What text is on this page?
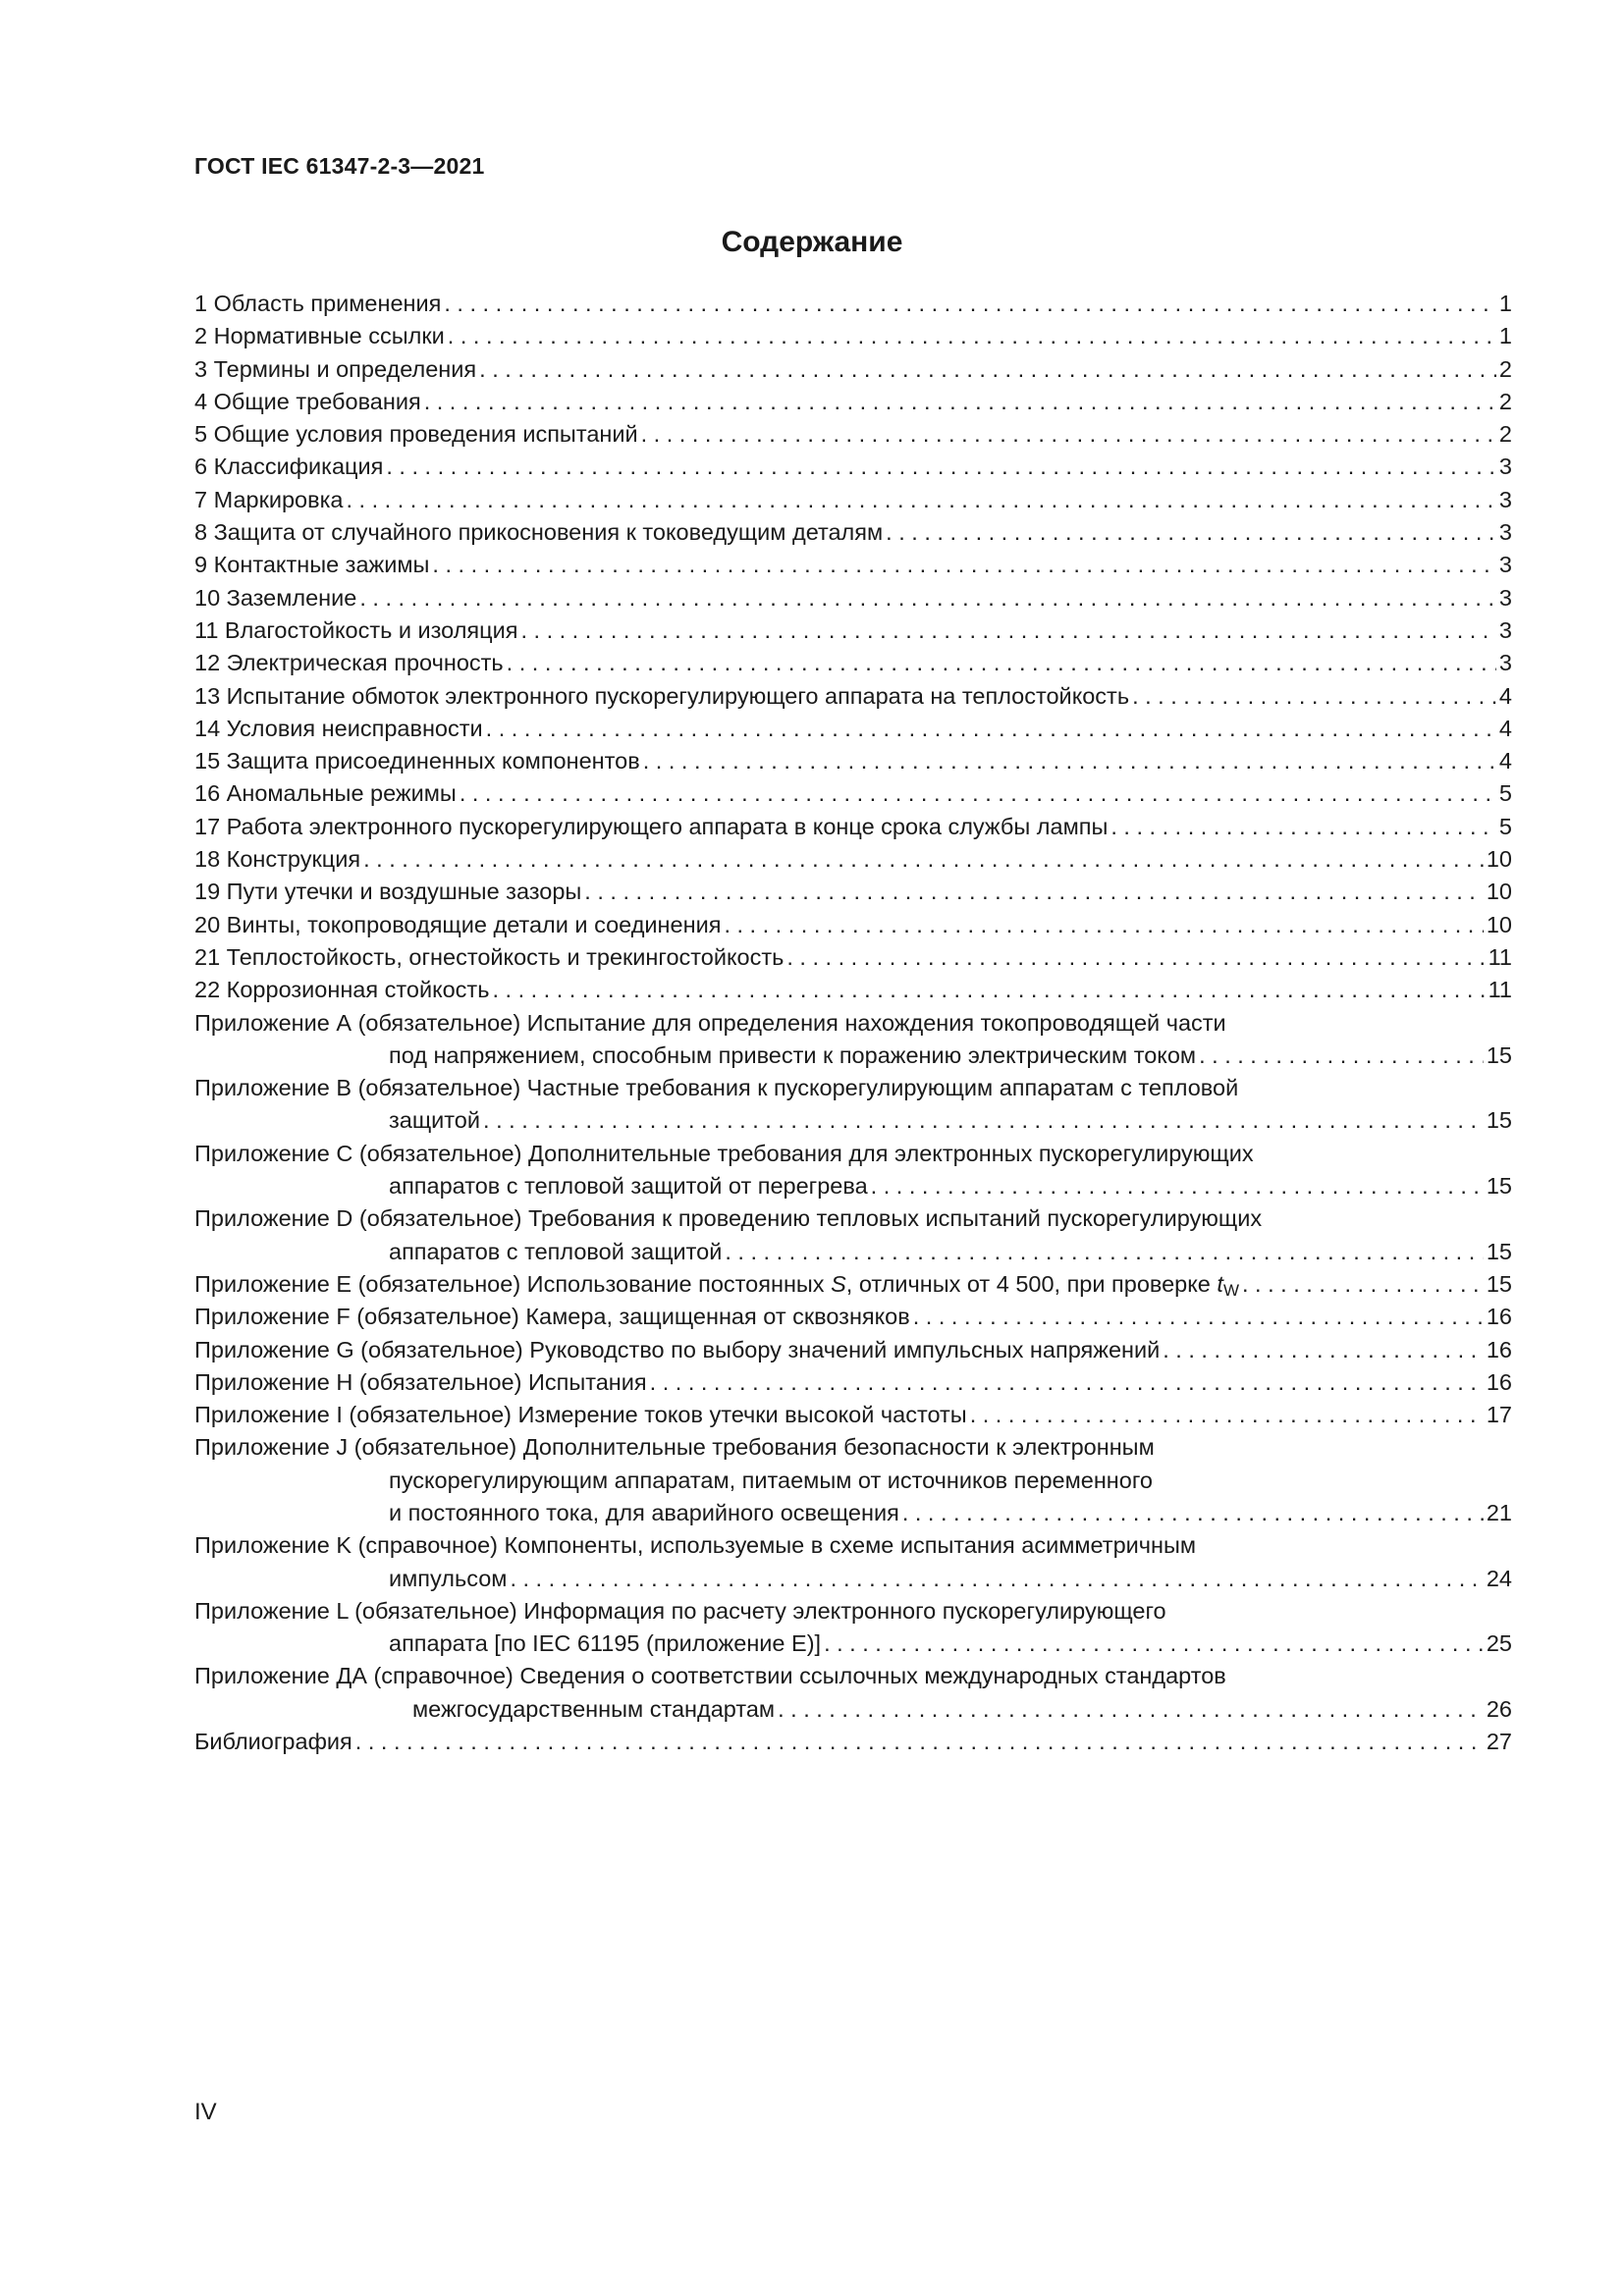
ГОСТ IEC 61347-2-3—2021
Содержание
1 Область применения . . .	1
2 Нормативные ссылки . . .	1
3 Термины и определения . . .	2
4 Общие требования . . .	2
5 Общие условия проведения испытаний . . .	2
6 Классификация . . .	3
7 Маркировка . . .	3
8 Защита от случайного прикосновения к токоведущим деталям . . .	3
9 Контактные зажимы . . .	3
10 Заземление . . .	3
11 Влагостойкость и изоляция . . .	3
12 Электрическая прочность . . .	3
13 Испытание обмоток электронного пускорегулирующего аппарата на теплостойкость . . .	4
14 Условия неисправности . . .	4
15 Защита присоединенных компонентов . . .	4
16 Аномальные режимы . . .	5
17 Работа электронного пускорегулирующего аппарата в конце срока службы лампы . . .	5
18 Конструкция . . .	10
19 Пути утечки и воздушные зазоры . . .	10
20 Винты, токопроводящие детали и соединения . . .	10
21 Теплостойкость, огнестойкость и трекингостойкость . . .	11
22 Коррозионная стойкость . . .	11
Приложение А (обязательное) Испытание для определения нахождения токопроводящей части
под напряжением, способным привести к поражению электрическим током . . .	15
Приложение В (обязательное) Частные требования к пускорегулирующим аппаратам с тепловой
защитой . . .	15
Приложение С (обязательное) Дополнительные требования для электронных пускорегулирующих
аппаратов с тепловой защитой от перегрева . . .	15
Приложение D (обязательное) Требования к проведению тепловых испытаний пускорегулирующих
аппаратов с тепловой защитой . . .	15
Приложение Е (обязательное) Использование постоянных S, отличных от 4 500, при проверке $t_W$ . . .	15
Приложение F (обязательное) Камера, защищенная от сквозняков . . .	16
Приложение G (обязательное) Руководство по выбору значений импульсных напряжений . . .	16
Приложение Н (обязательное) Испытания . . .	16
Приложение I (обязательное) Измерение токов утечки высокой частоты . . .	17
Приложение J (обязательное) Дополнительные требования безопасности к электронным
пускорегулирующим аппаратам, питаемым от источников переменного
и постоянного тока, для аварийного освещения . . .	21
Приложение K (справочное) Компоненты, используемые в схеме испытания асимметричным
импульсом . . .	24
Приложение L (обязательное) Информация по расчету электронного пускорегулирующего
аппарата [по IEC 61195 (приложение Е)] . . .	25
Приложение ДА (справочное) Сведения о соответствии ссылочных международных стандартов
межгосударственным стандартам . . .	26
Библиография . . .	27
IV
